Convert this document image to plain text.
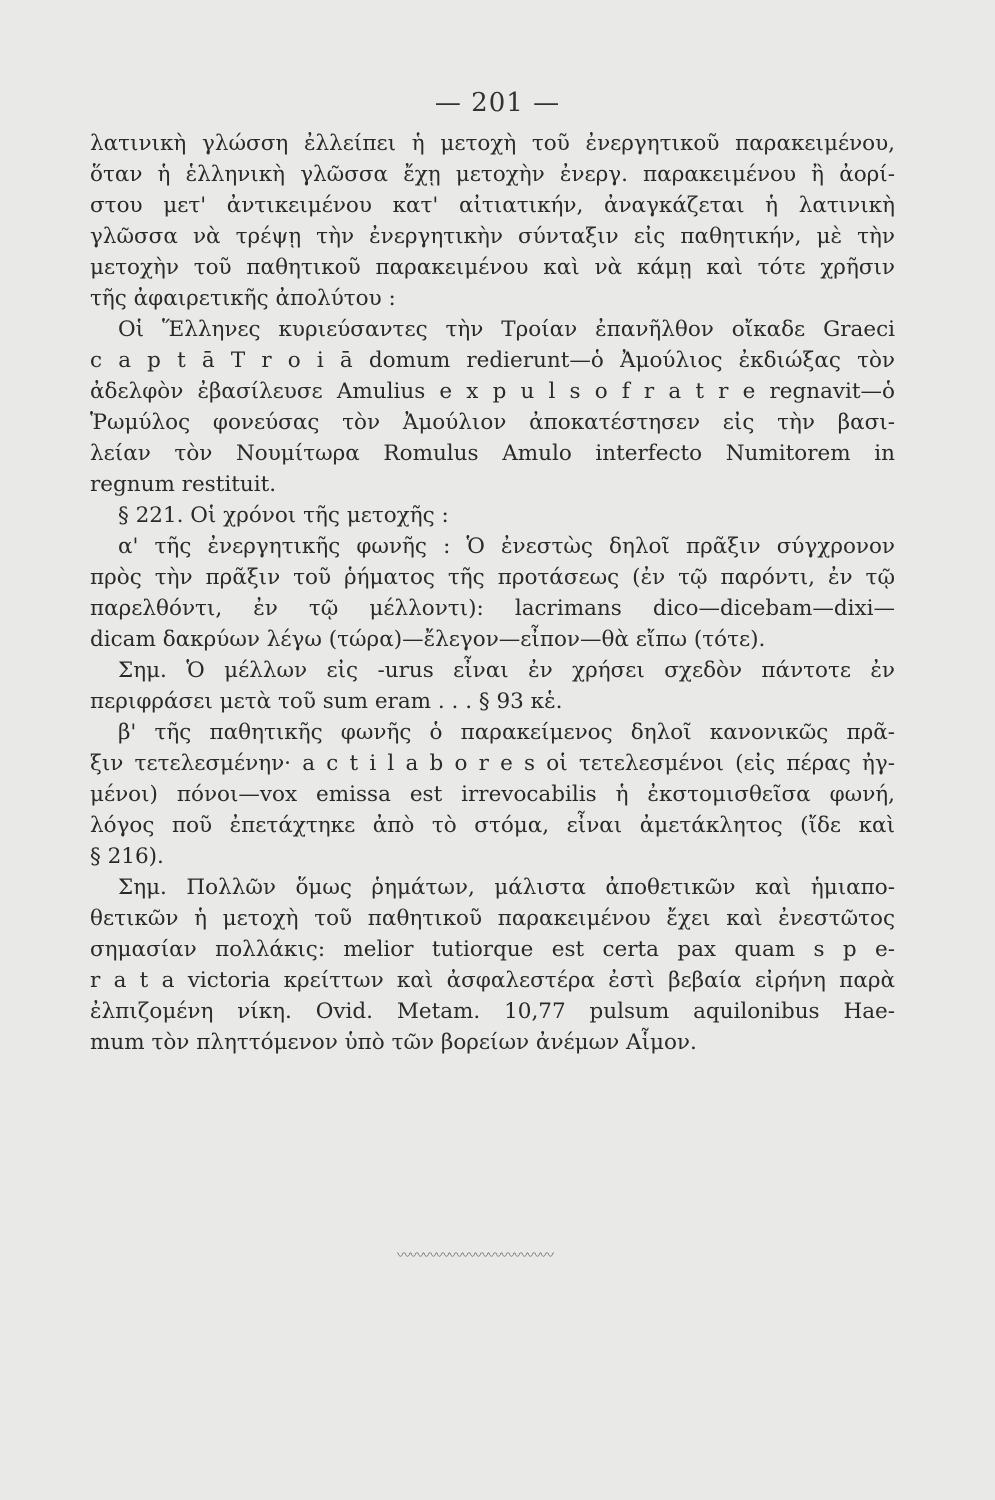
— 201 —
λατινικὴ γλώσση ἐλλείπει ἡ μετοχὴ τοῦ ἐνεργητικοῦ παρακειμένου,
ὅταν ἡ ἑλληνικὴ γλῶσσα ἔχῃ μετοχὴν ἐνεργ. παρακειμένου ἢ ἀορί-
στου μετ' ἀντικειμένου κατ' αἰτιατικήν, ἀναγκάζεται ἡ λατινικὴ
γλῶσσα νὰ τρέψῃ τὴν ἐνεργητικὴν σύνταξιν εἰς παθητικήν, μὲ τὴν
μετοχὴν τοῦ παθητικοῦ παρακειμένου καὶ νὰ κάμῃ καὶ τότε χρῆσιν
τῆς ἀφαιρετικῆς ἀπολύτου :
Οἱ Ἕλληνες κυριεύσαντες τὴν Τροίαν ἐπανῆλθον οἴκαδε Graeci
c a p t ā T r o i ā domum redierunt—ὁ Ἀμούλιος ἐκδιώξας τὸν
ἀδελφὸν ἐβασίλευσε Amulius e x p u l s o f r a t r e regnavit—ὁ
Ῥωμύλος φονεύσας τὸν Ἀμούλιον ἀποκατέστησεν εἰς τὴν βασι-
λείαν τὸν Νουμίτωρα Romulus Amulo interfecto Numitorem in
regnum restituit.
§ 221. Οἱ χρόνοι τῆς μετοχῆς :
α' τῆς ἐνεργητικῆς φωνῆς : Ὁ ἐνεστὼς δηλοῖ πρᾶξιν σύγχρονον
πρὸς τὴν πρᾶξιν τοῦ ῥήματος τῆς προτάσεως (ἐν τῷ παρόντι, ἐν τῷ
παρελθόντι, ἐν τῷ μέλλοντι): lacrimans dico—dicebam—dixi—
dicam δακρύων λέγω (τώρα)—ἔλεγον—εἶπον—θὰ εἴπω (τότε).
Σημ. Ὁ μέλλων εἰς -urus εἶναι ἐν χρήσει σχεδὸν πάντοτε ἐν
περιφράσει μετὰ τοῦ sum eram . . . § 93 κἑ.
β' τῆς παθητικῆς φωνῆς ὁ παρακείμενος δηλοῖ κανονικῶς πρᾶ-
ξιν τετελεσμένην· a c t i l a b o r e s οἱ τετελεσμένοι (εἰς πέρας ἠγ-
μένοι) πόνοι—vox emissa est irrevocabilis ἡ ἐκστομισθεῖσα φωνή,
λόγος ποῦ ἐπετάχτηκε ἀπὸ τὸ στόμα, εἶναι ἀμετάκλητος (ἴδε καὶ
§ 216).
Σημ. Πολλῶν ὅμως ῥημάτων, μάλιστα ἀποθετικῶν καὶ ἡμιαπο-
θετικῶν ἡ μετοχὴ τοῦ παθητικοῦ παρακειμένου ἔχει καὶ ἐνεστῶτος
σημασίαν πολλάκις: melior tutiorque est certa pax quam s p e-
r a t a victoria κρείττων καὶ ἀσφαλεστέρα ἐστὶ βεβαία εἰρήνη παρὰ
ἐλπιζομένη νίκη. Ovid. Metam. 10,77 pulsum aquilonibus Hae-
mum τὸν πληττόμενον ὑπὸ τῶν βορείων ἀνέμων Αἷμον.
〰〰〰〰〰〰〰〰〰〰〰〰
